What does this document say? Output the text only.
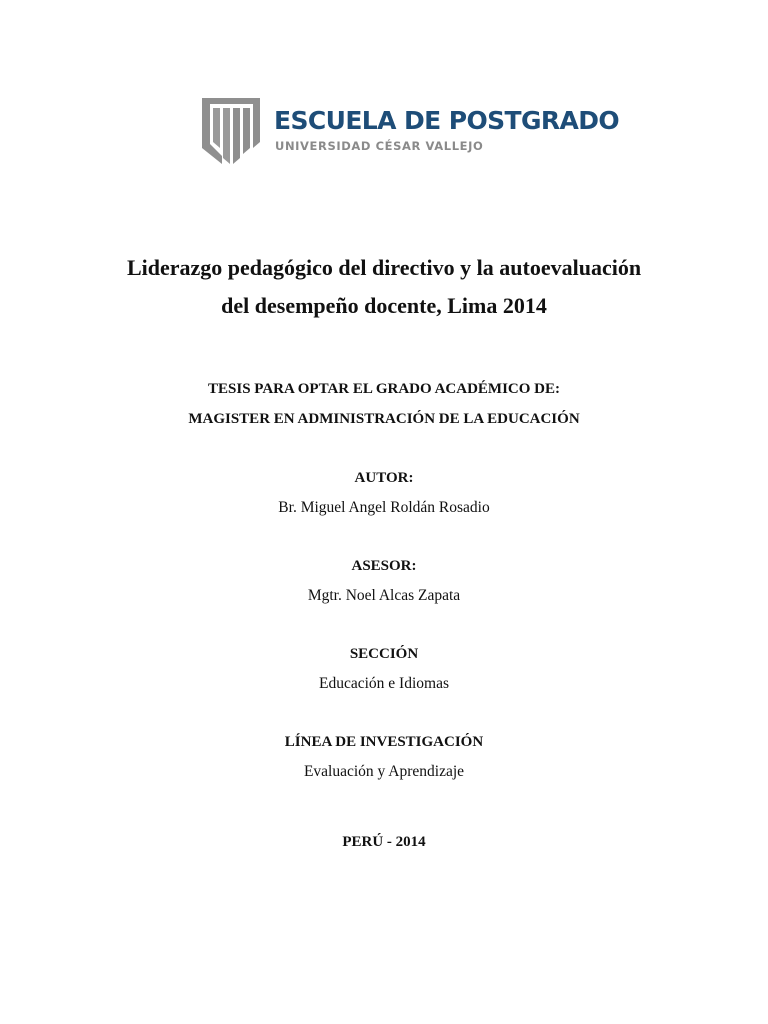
ESCUELA DE POSTGRADO
UNIVERSIDAD CÉSAR VALLEJO
Liderazgo pedagógico del directivo y la autoevaluación
del desempeño docente, Lima 2014
TESIS PARA OPTAR EL GRADO ACADÉMICO DE:
MAGISTER EN ADMINISTRACIÓN DE LA EDUCACIÓN
AUTOR:
Br. Miguel Angel Roldán Rosadio
ASESOR:
Mgtr. Noel Alcas Zapata
SECCIÓN
Educación e Idiomas
LÍNEA DE INVESTIGACIÓN
Evaluación y Aprendizaje
PERÚ - 2014
